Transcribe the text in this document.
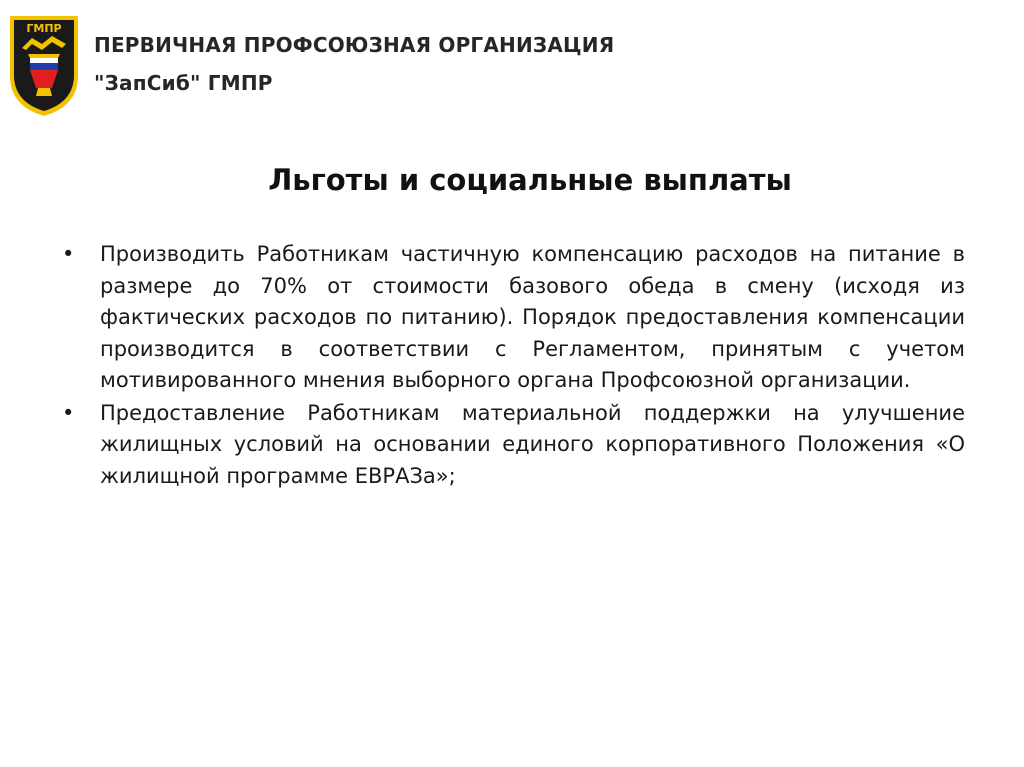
ГМПР
ПЕРВИЧНАЯ ПРОФСОЮЗНАЯ ОРГАНИЗАЦИЯ
"ЗапСиб" ГМПР
Льготы и социальные выплаты
• Производить Работникам частичную компенсацию расходов на питание в размере до 70% от стоимости базового обеда в смену (исходя из фактических расходов по питанию). Порядок предоставления компенсации производится в соответствии с Регламентом, принятым с учетом мотивированного мнения выборного органа Профсоюзной организации.
• Предоставление Работникам материальной поддержки на улучшение жилищных условий на основании единого корпоративного Положения «О жилищной программе ЕВРАЗа»;
